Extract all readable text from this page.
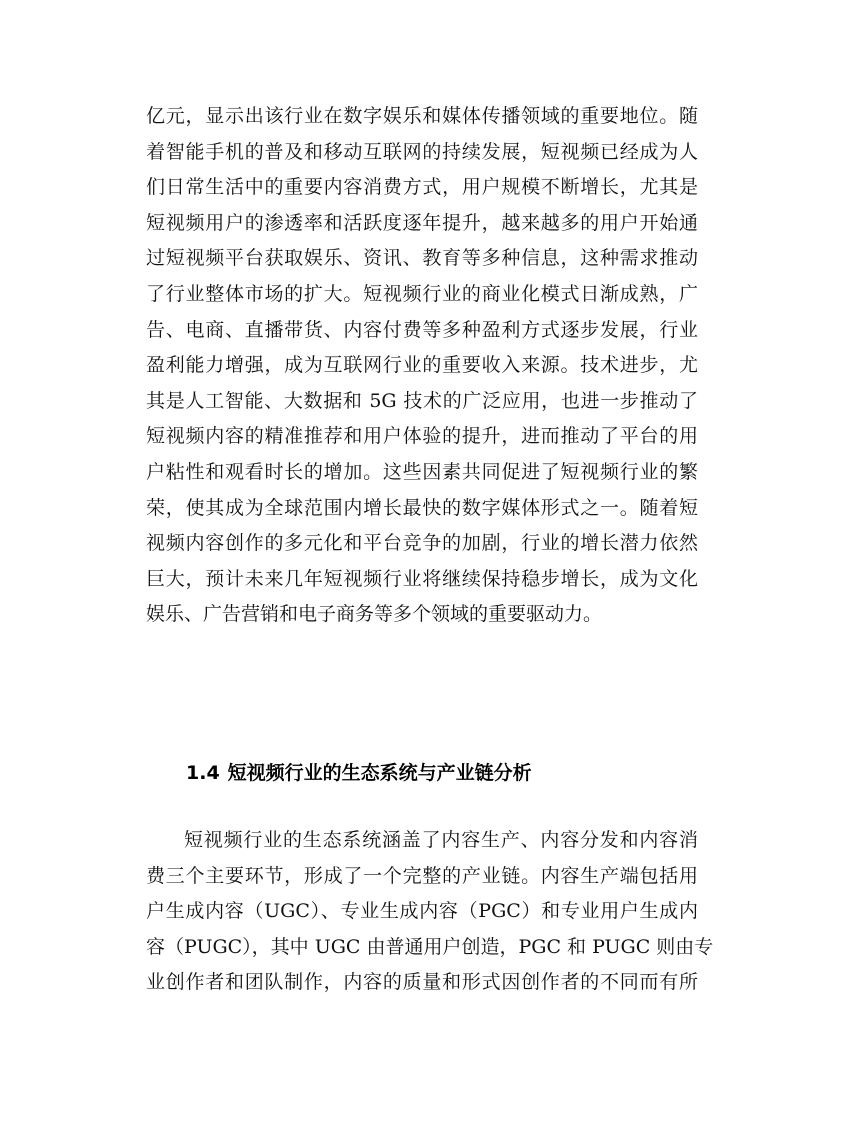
亿元，显示出该行业在数字娱乐和媒体传播领域的重要地位。随
着智能手机的普及和移动互联网的持续发展，短视频已经成为人
们日常生活中的重要内容消费方式，用户规模不断增长，尤其是
短视频用户的渗透率和活跃度逐年提升，越来越多的用户开始通
过短视频平台获取娱乐、资讯、教育等多种信息，这种需求推动
了行业整体市场的扩大。短视频行业的商业化模式日渐成熟，广
告、电商、直播带货、内容付费等多种盈利方式逐步发展，行业
盈利能力增强，成为互联网行业的重要收入来源。技术进步，尤
其是人工智能、大数据和 5G 技术的广泛应用，也进一步推动了
短视频内容的精准推荐和用户体验的提升，进而推动了平台的用
户粘性和观看时长的增加。这些因素共同促进了短视频行业的繁
荣，使其成为全球范围内增长最快的数字媒体形式之一。随着短
视频内容创作的多元化和平台竞争的加剧，行业的增长潜力依然
巨大，预计未来几年短视频行业将继续保持稳步增长，成为文化
娱乐、广告营销和电子商务等多个领域的重要驱动力。
1.4 短视频行业的生态系统与产业链分析
短视频行业的生态系统涵盖了内容生产、内容分发和内容消
费三个主要环节，形成了一个完整的产业链。内容生产端包括用
户生成内容（UGC）、专业生成内容（PGC）和专业用户生成内
容（PUGC），其中 UGC 由普通用户创造，PGC 和 PUGC 则由专
业创作者和团队制作，内容的质量和形式因创作者的不同而有所
